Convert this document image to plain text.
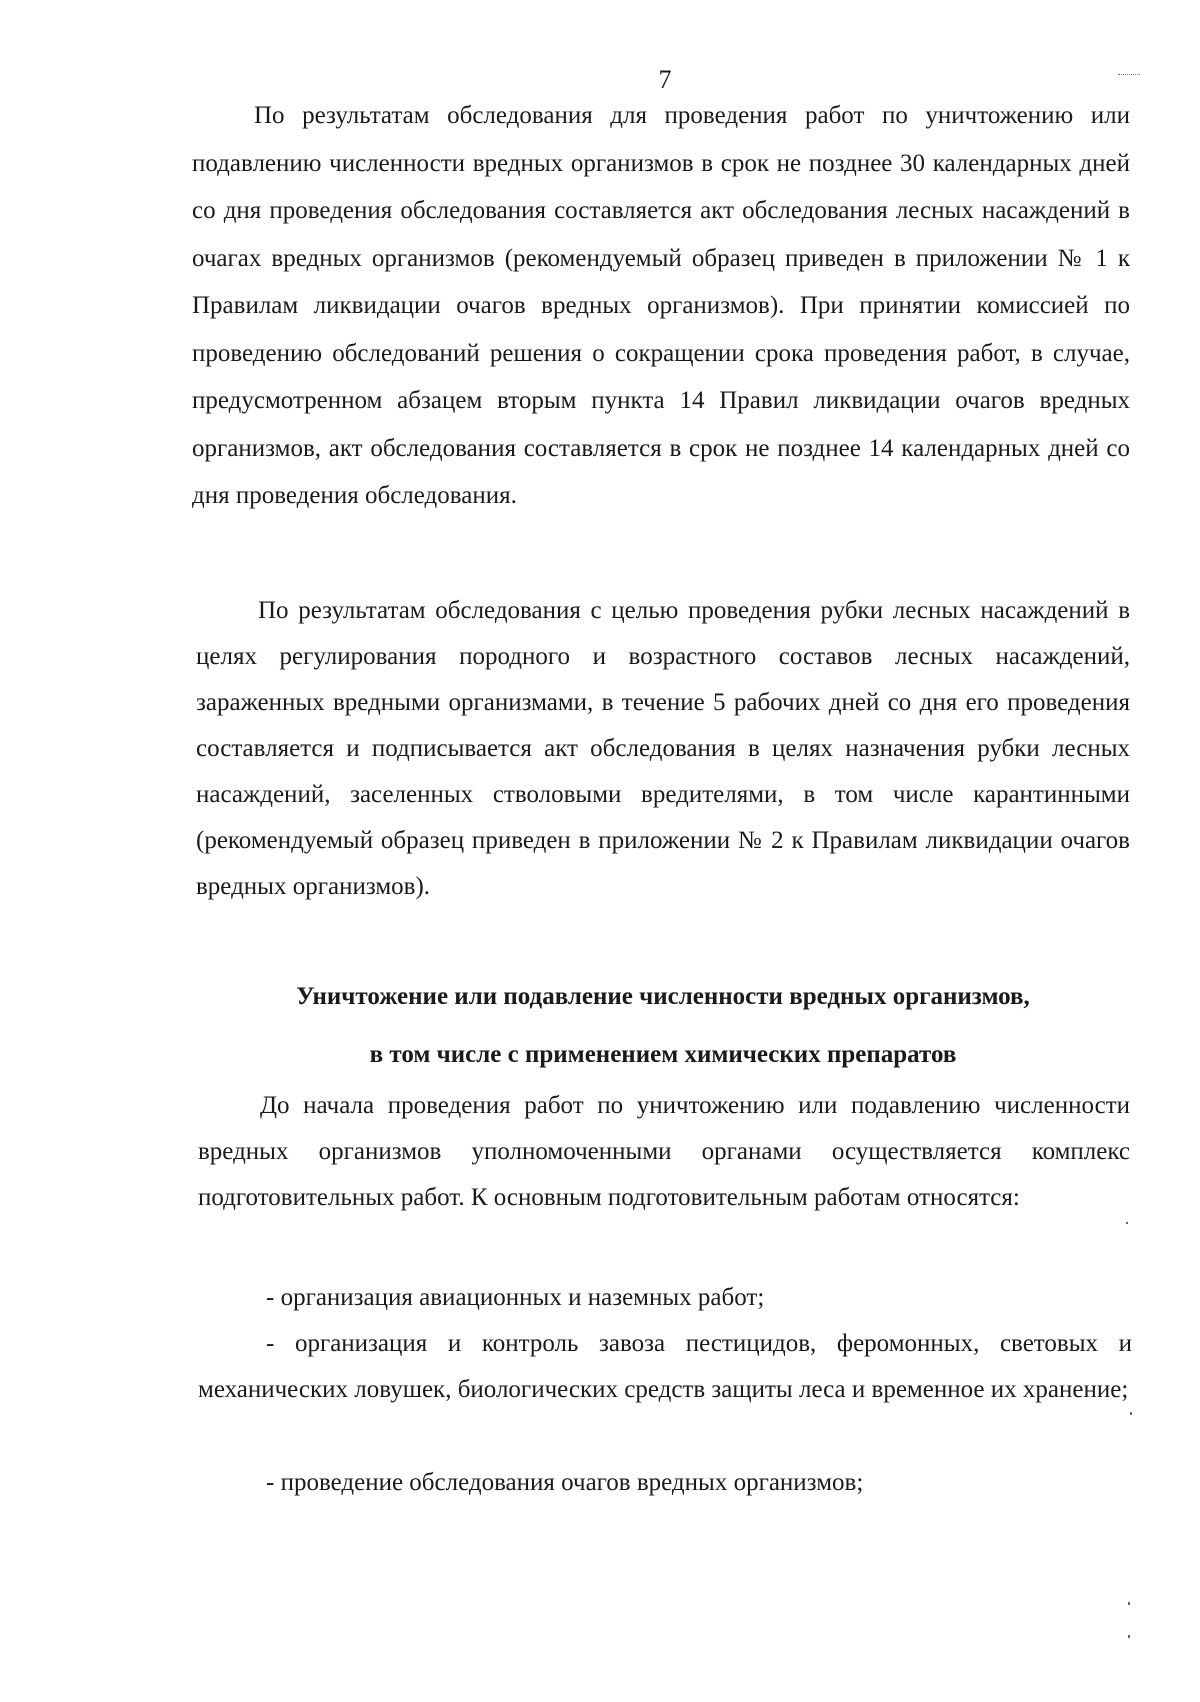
7

По результатам обследования для проведения работ по уничтожению или подавлению численности вредных организмов в срок не позднее 30 календарных дней со дня проведения обследования составляется акт обследования лесных насаждений в очагах вредных организмов (рекомендуемый образец приведен в приложении № 1 к Правилам ликвидации очагов вредных организмов). При принятии комиссией по проведению обследований решения о сокращении срока проведения работ, в случае, предусмотренном абзацем вторым пункта 14 Правил ликвидации очагов вредных организмов, акт обследования составляется в срок не позднее 14 календарных дней со дня проведения обследования.

По результатам обследования с целью проведения рубки лесных насаждений в целях регулирования породного и возрастного составов лесных насаждений, зараженных вредными организмами, в течение 5 рабочих дней со дня его проведения составляется и подписывается акт обследования в целях назначения рубки лесных насаждений, заселенных стволовыми вредителями, в том числе карантинными (рекомендуемый образец приведен в приложении № 2 к Правилам ликвидации очагов вредных организмов).

Уничтожение или подавление численности вредных организмов,
в том числе с применением химических препаратов

До начала проведения работ по уничтожению или подавлению численности вредных организмов уполномоченными органами осуществляется комплекс подготовительных работ. К основным подготовительным работам относятся:

- организация авиационных и наземных работ;

- организация и контроль завоза пестицидов, феромонных, световых и механических ловушек, биологических средств защиты леса и временное их хранение;

- проведение обследования очагов вредных организмов;
